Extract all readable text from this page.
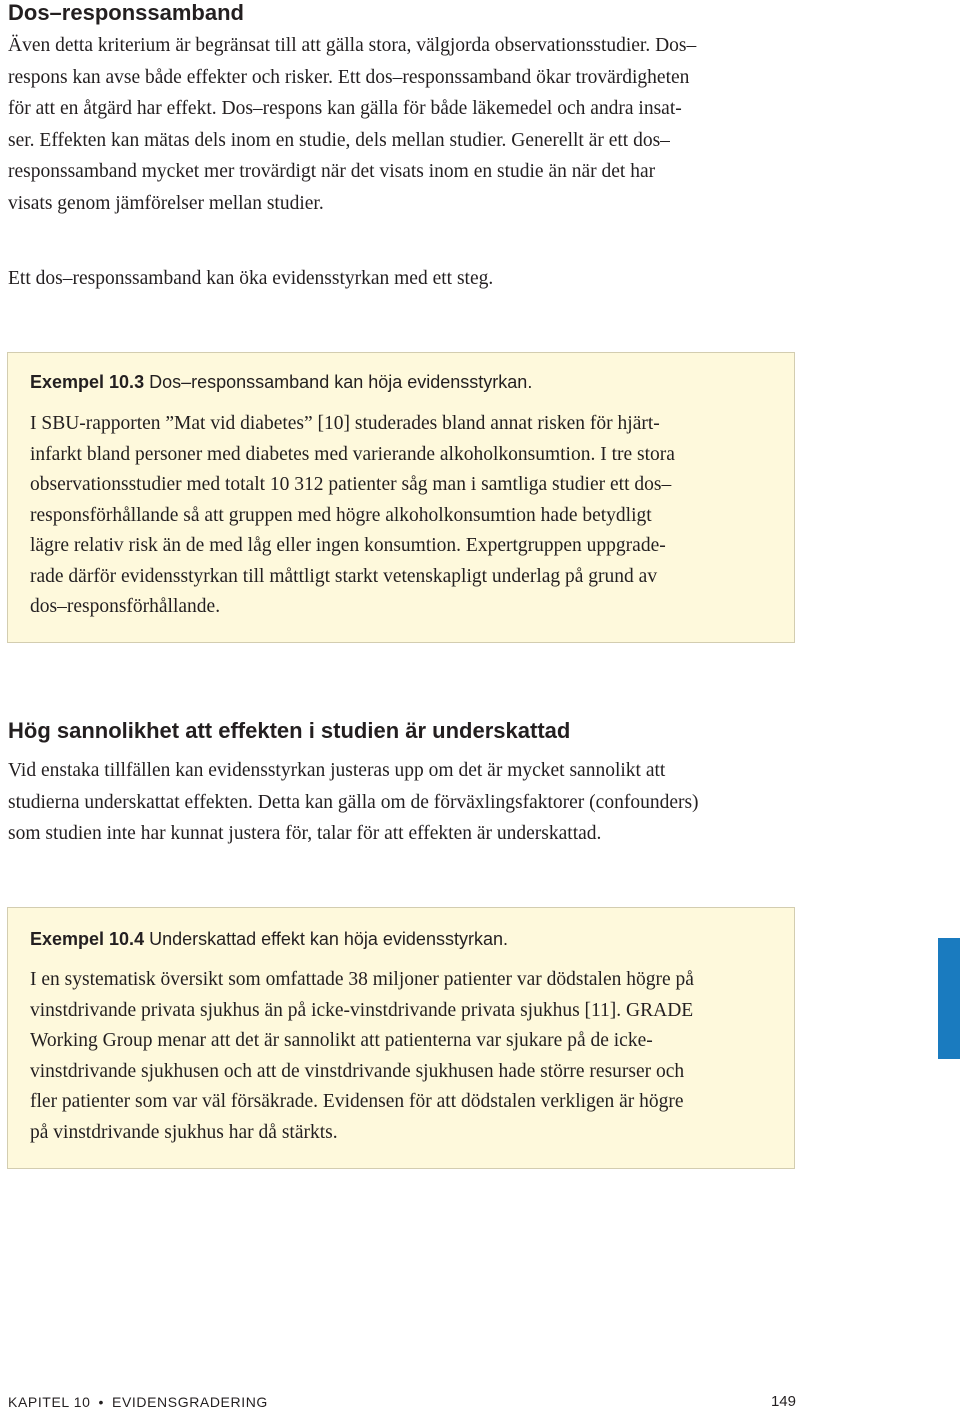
Dos–responssamband
Även detta kriterium är begränsat till att gälla stora, välgjorda observationsstudier. Dos–
respons kan avse både effekter och risker. Ett dos–responssamband ökar trovärdigheten
för att en åtgärd har effekt. Dos–respons kan gälla för både läkemedel och andra insat-
ser. Effekten kan mätas dels inom en studie, dels mellan studier. Generellt är ett dos–
responssamband mycket mer trovärdigt när det visats inom en studie än när det har
visats genom jämförelser mellan studier.

Ett dos–responssamband kan öka evidensstyrkan med ett steg.

Exempel 10.3 Dos–responssamband kan höja evidensstyrkan.

I SBU-rapporten ”Mat vid diabetes” [10] studerades bland annat risken för hjärt-
infarkt bland personer med diabetes med varierande alkoholkonsumtion. I tre stora
observationsstudier med totalt 10 312 patienter såg man i samtliga studier ett dos–
responsförhållande så att gruppen med högre alkoholkonsumtion hade betydligt
lägre relativ risk än de med låg eller ingen konsumtion. Expertgruppen uppgrade-
rade därför evidensstyrkan till måttligt starkt vetenskapligt underlag på grund av
dos–responsförhållande.
Hög sannolikhet att effekten i studien är underskattad
Vid enstaka tillfällen kan evidensstyrkan justeras upp om det är mycket sannolikt att
studierna underskattat effekten. Detta kan gälla om de förväxlingsfaktorer (confounders)
som studien inte har kunnat justera för, talar för att effekten är underskattad.

Exempel 10.4 Underskattad effekt kan höja evidensstyrkan.

I en systematisk översikt som omfattade 38 miljoner patienter var dödstalen högre på
vinstdrivande privata sjukhus än på icke-vinstdrivande privata sjukhus [11]. GRADE
Working Group menar att det är sannolikt att patienterna var sjukare på de icke-
vinstdrivande sjukhusen och att de vinstdrivande sjukhusen hade större resurser och
fler patienter som var väl försäkrade. Evidensen för att dödstalen verkligen är högre
på vinstdrivande sjukhus har då stärkts.
KAPITEL 10 • EVIDENSGRADERING	149
